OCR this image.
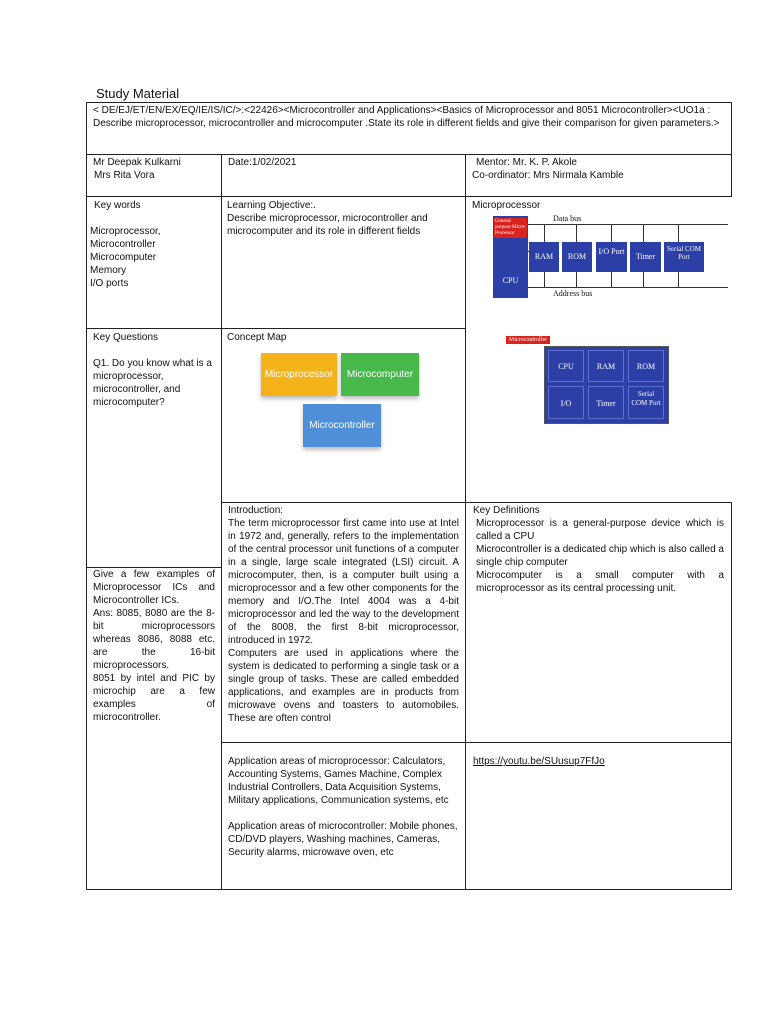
Study Material
< DE/EJ/ET/EN/EX/EQ/IE/IS/IC/>:<22426><Microcontroller and Applications><Basics of Microprocessor and 8051 Microcontroller><UO1a : Describe microprocessor, microcontroller and microcomputer .State its role in different fields and give their comparison for given parameters.>
Mr Deepak Kulkarni
Mrs Rita Vora
Date:1/02/2021	Mentor: Mr. K. P. Akole
Co-ordinator: Mrs Nirmala Kamble
Key words
Microprocessor,
Microcontroller
Microcomputer
Memory
I/O ports
Learning Objective:.
Describe microprocessor, microcontroller and microcomputer and its role in different fields
Microprocessor
General purpose Micro-Processor
CPU
Data bus
Address bus
RAM	ROM
I/O Port
Timer
Serial COM Port
Microcontroller
CPU	RAM	ROM
I/O	Timer
Serial COM Port
Key Questions
Q1. Do you know what is a microprocessor, microcontroller, and microcomputer?
Concept Map
Microprocessor	Microcomputer
Microcontroller
Introduction:

The term microprocessor first came into use at Intel in 1972 and, generally, refers to the implementation of the central processor unit functions of a computer in a single, large scale integrated (LSI) circuit. A microcomputer, then, is a computer built using a microprocessor and a few other components for the memory and I/O.The Intel 4004 was a 4-bit microprocessor and led the way to the development of the 8008, the first 8-bit microprocessor, introduced in 1972.

Computers are used in applications where the system is dedicated to performing a single task or a single group of tasks. These are called embedded applications, and examples are in products from microwave ovens and toasters to automobiles. These are often control

Key Definitions
Microprocessor is a general-purpose device which is called a CPU
Microcontroller is a dedicated chip which is also called a single chip computer
Microcomputer is a small computer with a microprocessor as its central processing unit.
Give a few examples of Microprocessor ICs and Microcontroller ICs.
Ans: 8085, 8080 are the 8-bit microprocessors whereas 8086, 8088 etc. are the 16-bit microprocessors.
8051 by intel and PIC by microchip are a few examples of microcontroller.
Application areas of microprocessor: Calculators, Accounting Systems, Games Machine, Complex Industrial Controllers, Data Acquisition Systems, Military applications, Communication systems, etc
Application areas of microcontroller: Mobile phones, CD/DVD players, Washing machines, Cameras, Security alarms, microwave oven, etc
https://youtu.be/SUusup7FfJo
